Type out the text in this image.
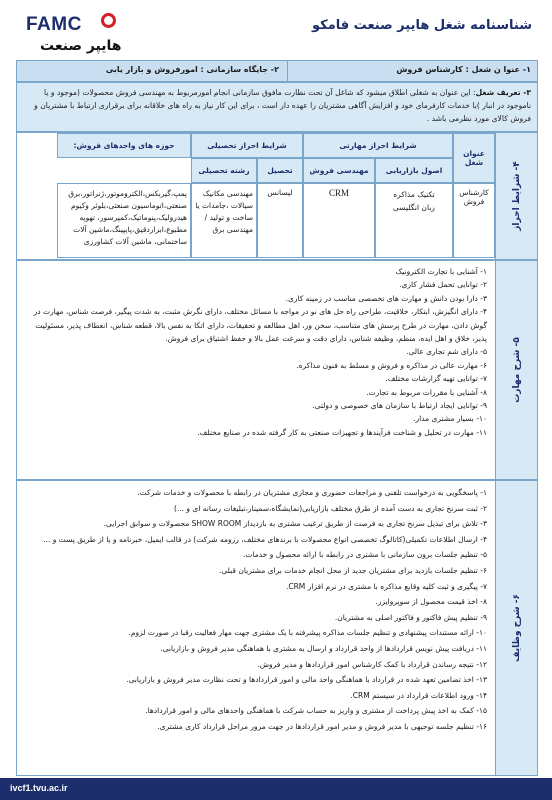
FAMC
هایپر صنعت
شناسنامه شغل هایپر صنعت فامکو
۱- عنوا ن شغل : کارشناس فروش
۲- جایگاه سازمانی : امورفروش و بازار یابی
۳- تعریف شغل: این عنوان به شغلی اطلاق میشود که شاغل آن تحت نظارت مافوق سازمانی انجام امورمربوط به مهندسی فروش محصولات (موجود و یا ناموجود در انبار )با خدمات کارفرمای خود و افزایش آگاهی مشتریان را عهده دار است ، برای این کار نیاز به راه های خلاقانه برای برقراری ارتباط با مشتریان و فروش کالای مورد نظرمی باشد .
۴- شرایط احراز
عنوان شغل
شرایط احراز مهارتی
اصول بازاریابی
مهندسی فروش
شرایط احراز تحصیلی
تحصیل
رشته تحصیلی
حوزه های واحدهای فروش:
کارشناس فروش
تکنیک مذاکره
زبان انگلیسی
CRM
لیسانس
مهندسی مکانیک سیالات ،جامدات یا ساخت و تولید / مهندسی برق
پمپ،گیربکس،الکتروموتور،ژنراتور،برق صنعتی،اتوماسیون صنعتی،بلوئر وکیوم هیدرولیک،پنوماتیک،کمپرسور، تهویه مطبوع،ابزاردقیق،پایپینگ،ماشین آلات ساختمانی، ماشین آلات کشاورزی
۵- شرح مهارت
۱- آشنایی با تجارت الکترونیک
۲- توانایی تحمل فشار کاری.
۳- دارا بودن دانش و مهارت های تخصصی مناسب در زمینه کاری.
۴- دارای انگیزش، ابتکار، خلاقیت، طراحی راه حل های نو در مواجه با مسائل مختلف، دارای نگرش مثبت، به شدت پیگیر، فرصت شناس، مهارت در گوش دادن، مهارت در طرح پرسش های متناسب، سخن ور، اهل مطالعه و تحقیقات، دارای اتکا به نفس بالا، قطعه شناس، انعطاف پذیر، مسئولیت پذیر، خلاق و اهل ایده، منظم، وظیفه شناس، دارای دقت و سرعت عمل بالا و حفظ اشتیاق برای فروش.
۵- دارای شم تجاری عالی.
۶- مهارت عالی در مذاکره و فروش و مسلط به فنون مذاکره.
۷- توانایی تهیه گزارشات مختلف.
۸- آشنایی با مقررات مربوط به تجارت.
۹- توانایی ایجاد ارتباط با سازمان های خصوصی و دولتی.
۱۰- بسیار مشتری مدار.
۱۱- مهارت در تحلیل و شناخت فرآیندها و تجهیزات صنعتی به کار گرفته شده در صنایع مختلف.
۶- شرح وظایف
۱- پاسخگویی به درخواست تلفنی و مراجعات حضوری و مجازی مشتریان در رابطه با محصولات و خدمات شرکت.
۲- ثبت سرنخ تجاری به دست آمده از طرق مختلف بازاریابی(نمایشگاه،سمینار،تبلیغات رسانه ای و ...)
۳- تلاش برای تبدیل سرنخ تجاری به فرصت از طریق ترغیب مشتری به بازدیداز SHOW ROOM محصولات و سوابق اجرایی.
۴- ارسال اطلاعات تکمیلی(کاتالوگ تخصصی انواع محصولات با برندهای مختلف، رزومه شرکت) در قالب ایمیل، خبرنامه و یا از طریق پست و ...
۵- تنظیم جلسات برون سازمانی با مشتری در رابطه با ارائه محصول و خدمات.
۶- تنظیم جلسات بازدید برای مشتریان جدید از محل انجام خدمات برای مشتریان قبلی.
۷- پیگیری و ثبت کلیه وقایع مذاکره با مشتری در نرم افزار CRM.
۸- اخذ قیمت محصول از سوپروایزر.
۹- تنظیم پیش فاکتور و فاکتور اصلی به مشتریان.
۱۰- ارائه مستندات پیشنهادی و تنظیم جلسات مذاکره پیشرفته با یک مشتری جهت مهار فعالیت رقبا در صورت لزوم.
۱۱- دریافت پیش نویس قراردادها از واحد قرارداد و ارسال به مشتری با هماهنگی مدیر فروش و بازاریابی.
۱۲- نتیجه رساندن قرارداد با کمک کارشناس امور قراردادها و مدیر فروش.
۱۳- اخذ تضامین تعهد شده در قرارداد با هماهنگی واحد مالی و امور قراردادها و تحت نظارت مدیر فروش و بازاریابی.
۱۴- ورود اطلاعات قرارداد در سیستم CRM.
۱۵- کمک به اخذ پیش پرداخت از مشتری و واریز به حساب شرکت با هماهنگی واحدهای مالی و امور قراردادها.
۱۶- تنظیم جلسه توجیهی با مدیر فروش و مدیر امور قراردادها در جهت مرور مراحل قرارداد کاری مشتری.
ivcf1.tvu.ac.ir
